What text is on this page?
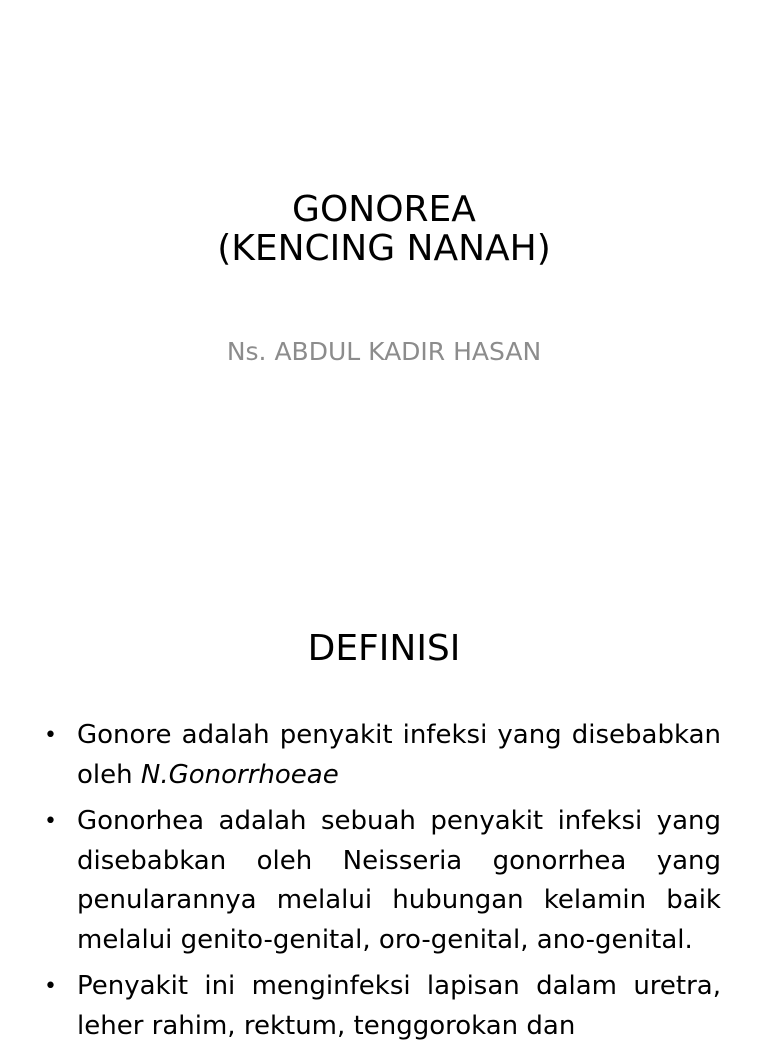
GONOREA
(KENCING NANAH)
Ns. ABDUL KADIR HASAN
DEFINISI
• Gonore adalah penyakit infeksi yang disebabkan oleh N.Gonorrhoeae
• Gonorhea adalah sebuah penyakit infeksi yang disebabkan oleh Neisseria gonorrhea yang penularannya melalui hubungan kelamin baik melalui genito-genital, oro-genital, ano-genital.
• Penyakit ini menginfeksi lapisan dalam uretra, leher rahim, rektum, tenggorokan dan
